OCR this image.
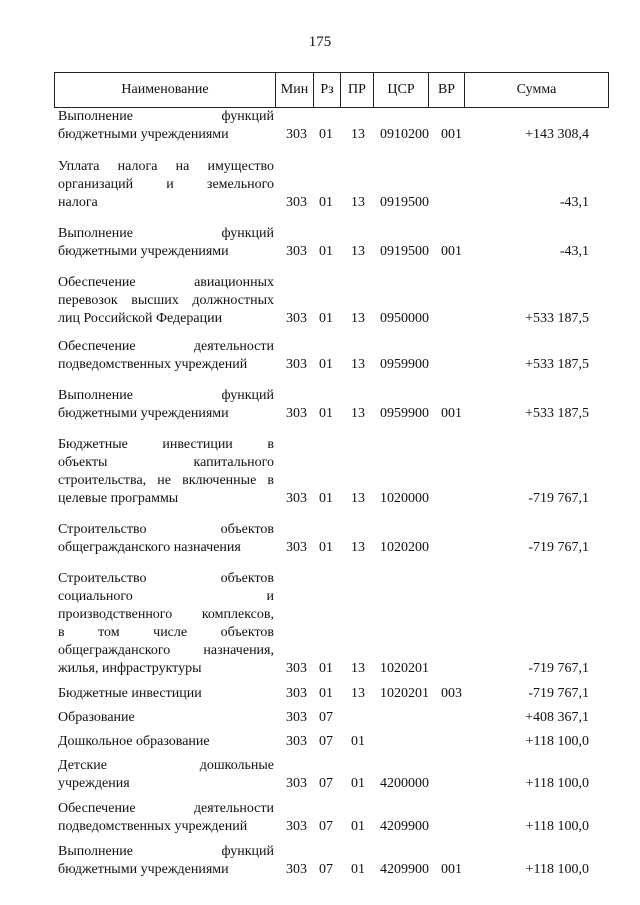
175
Наименование	Мин Рз	ПР	ЦСР	ВР	Сумма
Выполнение функций
бюджетными учреждениями	303 01 13 0910200 001	+143 308,4
Уплата налога на имущество
организаций и земельного
налога	303 01 13 0919500	-43,1
Выполнение функций
бюджетными учреждениями	303 01 13 0919500 001	-43,1
Обеспечение авиационных
перевозок высших должностных
лиц Российской Федерации	303 01 13 0950000	+533 187,5
Обеспечение деятельности
подведомственных учреждений	303 01 13 0959900	+533 187,5
Выполнение функций
бюджетными учреждениями	303 01 13 0959900 001	+533 187,5
Бюджетные инвестиции в
объекты капитального
строительства, не включенные в
целевые программы	303 01 13 1020000	-719 767,1
Строительство объектов
общегражданского назначения	303 01 13 1020200	-719 767,1
Строительство объектов
социального и
производственного комплексов,
в том числе объектов
общегражданского назначения,
жилья, инфраструктуры	303 01 13 1020201	-719 767,1
Бюджетные инвестиции	303 01 13 1020201 003	-719 767,1
Образование	303 07	+408 367,1
Дошкольное образование	303 07 01	+118 100,0
Детские дошкольные
учреждения	303 07 01 4200000	+118 100,0
Обеспечение деятельности
подведомственных учреждений	303 07 01 4209900	+118 100,0
Выполнение функций
бюджетными учреждениями	303 07 01 4209900 001	+118 100,0
